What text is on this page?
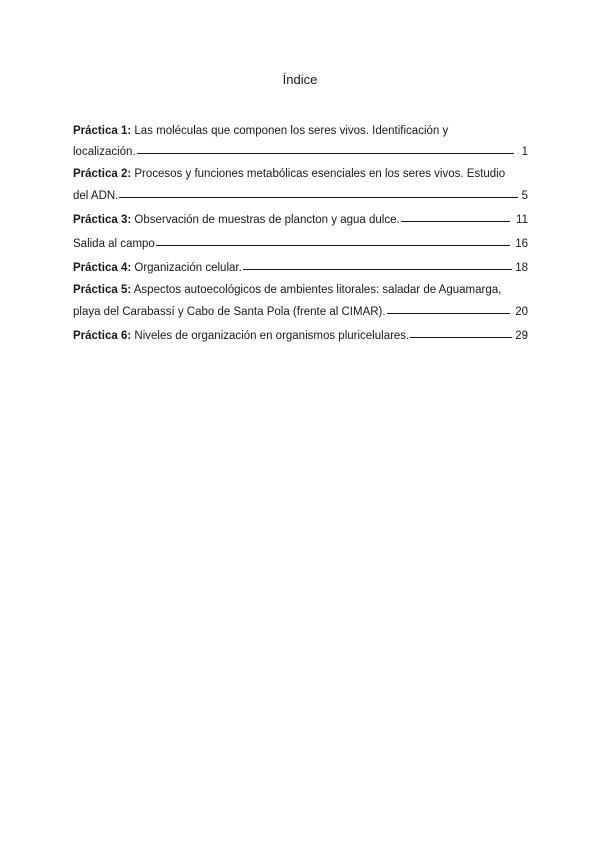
Índice
Práctica 1: Las moléculas que componen los seres vivos. Identificación y
localización.	1
Práctica 2: Procesos y funciones metabólicas esenciales en los seres vivos. Estudio
del ADN.	5
Práctica 3: Observación de muestras de plancton y agua dulce.	11
Salida al campo	16
Práctica 4: Organización celular.	18
Práctica 5: Aspectos autoecológicos de ambientes litorales: saladar de Aguamarga,
playa del Carabassí y Cabo de Santa Pola (frente al CIMAR).	20
Práctica 6: Niveles de organización en organismos pluricelulares.	29
